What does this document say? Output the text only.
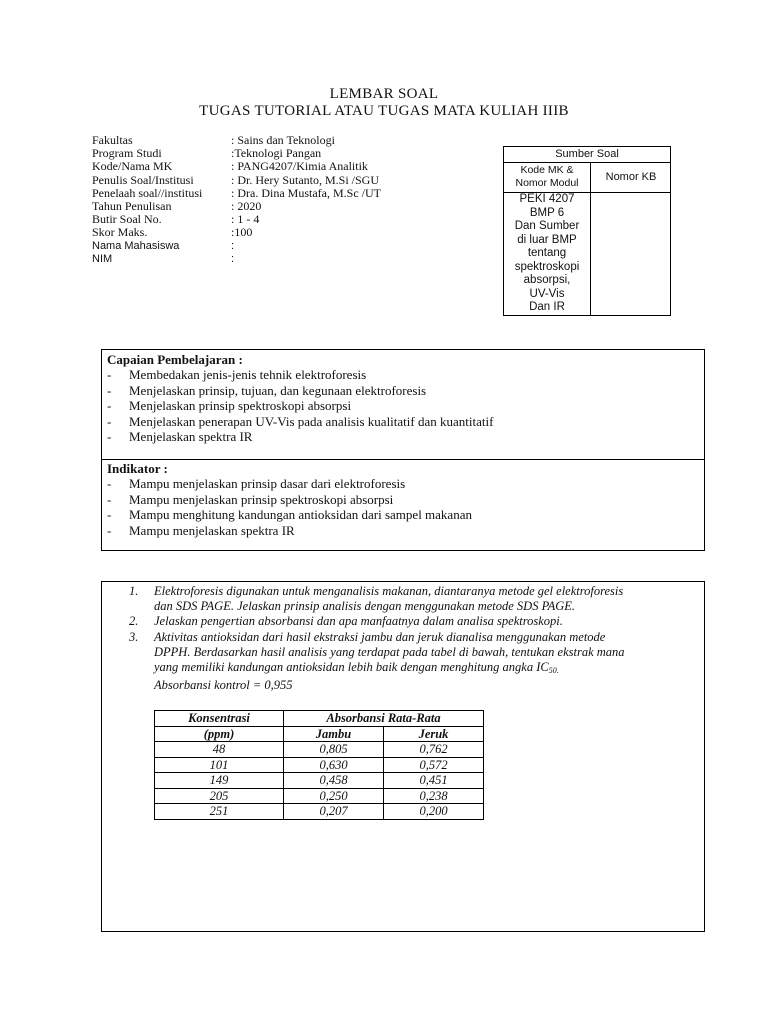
LEMBAR SOAL
TUGAS TUTORIAL ATAU TUGAS MATA KULIAH IIIB
Fakultas	: Sains dan Teknologi
Program Studi	:Teknologi Pangan
Kode/Nama MK	: PANG4207/Kimia Analitik
Penulis Soal/Institusi	: Dr. Hery Sutanto, M.Si /SGU
Penelaah soal//institusi : Dra. Dina Mustafa, M.Sc /UT
Tahun Penulisan	: 2020
Butir Soal No.	: 1 - 4
Skor Maks.	:100
Nama Mahasiswa	:
NIM	:
Sumber Soal
Kode MK &
Nomor Modul	Nomor KB
PEKI 4207
BMP 6
Dan Sumber
di luar BMP
tentang
spektroskopi
absorpsi,
UV-Vis
Dan IR
Capaian Pembelajaran :
- Membedakan jenis-jenis tehnik elektroforesis
- Menjelaskan prinsip, tujuan, dan kegunaan elektroforesis
- Menjelaskan prinsip spektroskopi absorpsi
- Menjelaskan penerapan UV-Vis pada analisis kualitatif dan kuantitatif
- Menjelaskan spektra IR
Indikator :
- Mampu menjelaskan prinsip dasar dari elektroforesis
- Mampu menjelaskan prinsip spektroskopi absorpsi
- Mampu menghitung kandungan antioksidan dari sampel makanan
- Mampu menjelaskan spektra IR
1. Elektroforesis digunakan untuk menganalisis makanan, diantaranya metode gel elektroforesis
dan SDS PAGE. Jelaskan prinsip analisis dengan menggunakan metode SDS PAGE.
2. Jelaskan pengertian absorbansi dan apa manfaatnya dalam analisa spektroskopi.
3. Aktivitas antioksidan dari hasil ekstraksi jambu dan jeruk dianalisa menggunakan metode
DPPH. Berdasarkan hasil analisis yang terdapat pada tabel di bawah, tentukan ekstrak mana
yang memiliki kandungan antioksidan lebih baik dengan menghitung angka $IC_{50.}$
Absorbansi kontrol = 0,955
Konsentrasi	Absorbansi Rata-Rata	
(ppm)	Jambu	Jeruk
48	0,805	0,762
101	0,630	0,572
149	0,458	0,451
205	0,250	0,238
251	0,207	0,200
